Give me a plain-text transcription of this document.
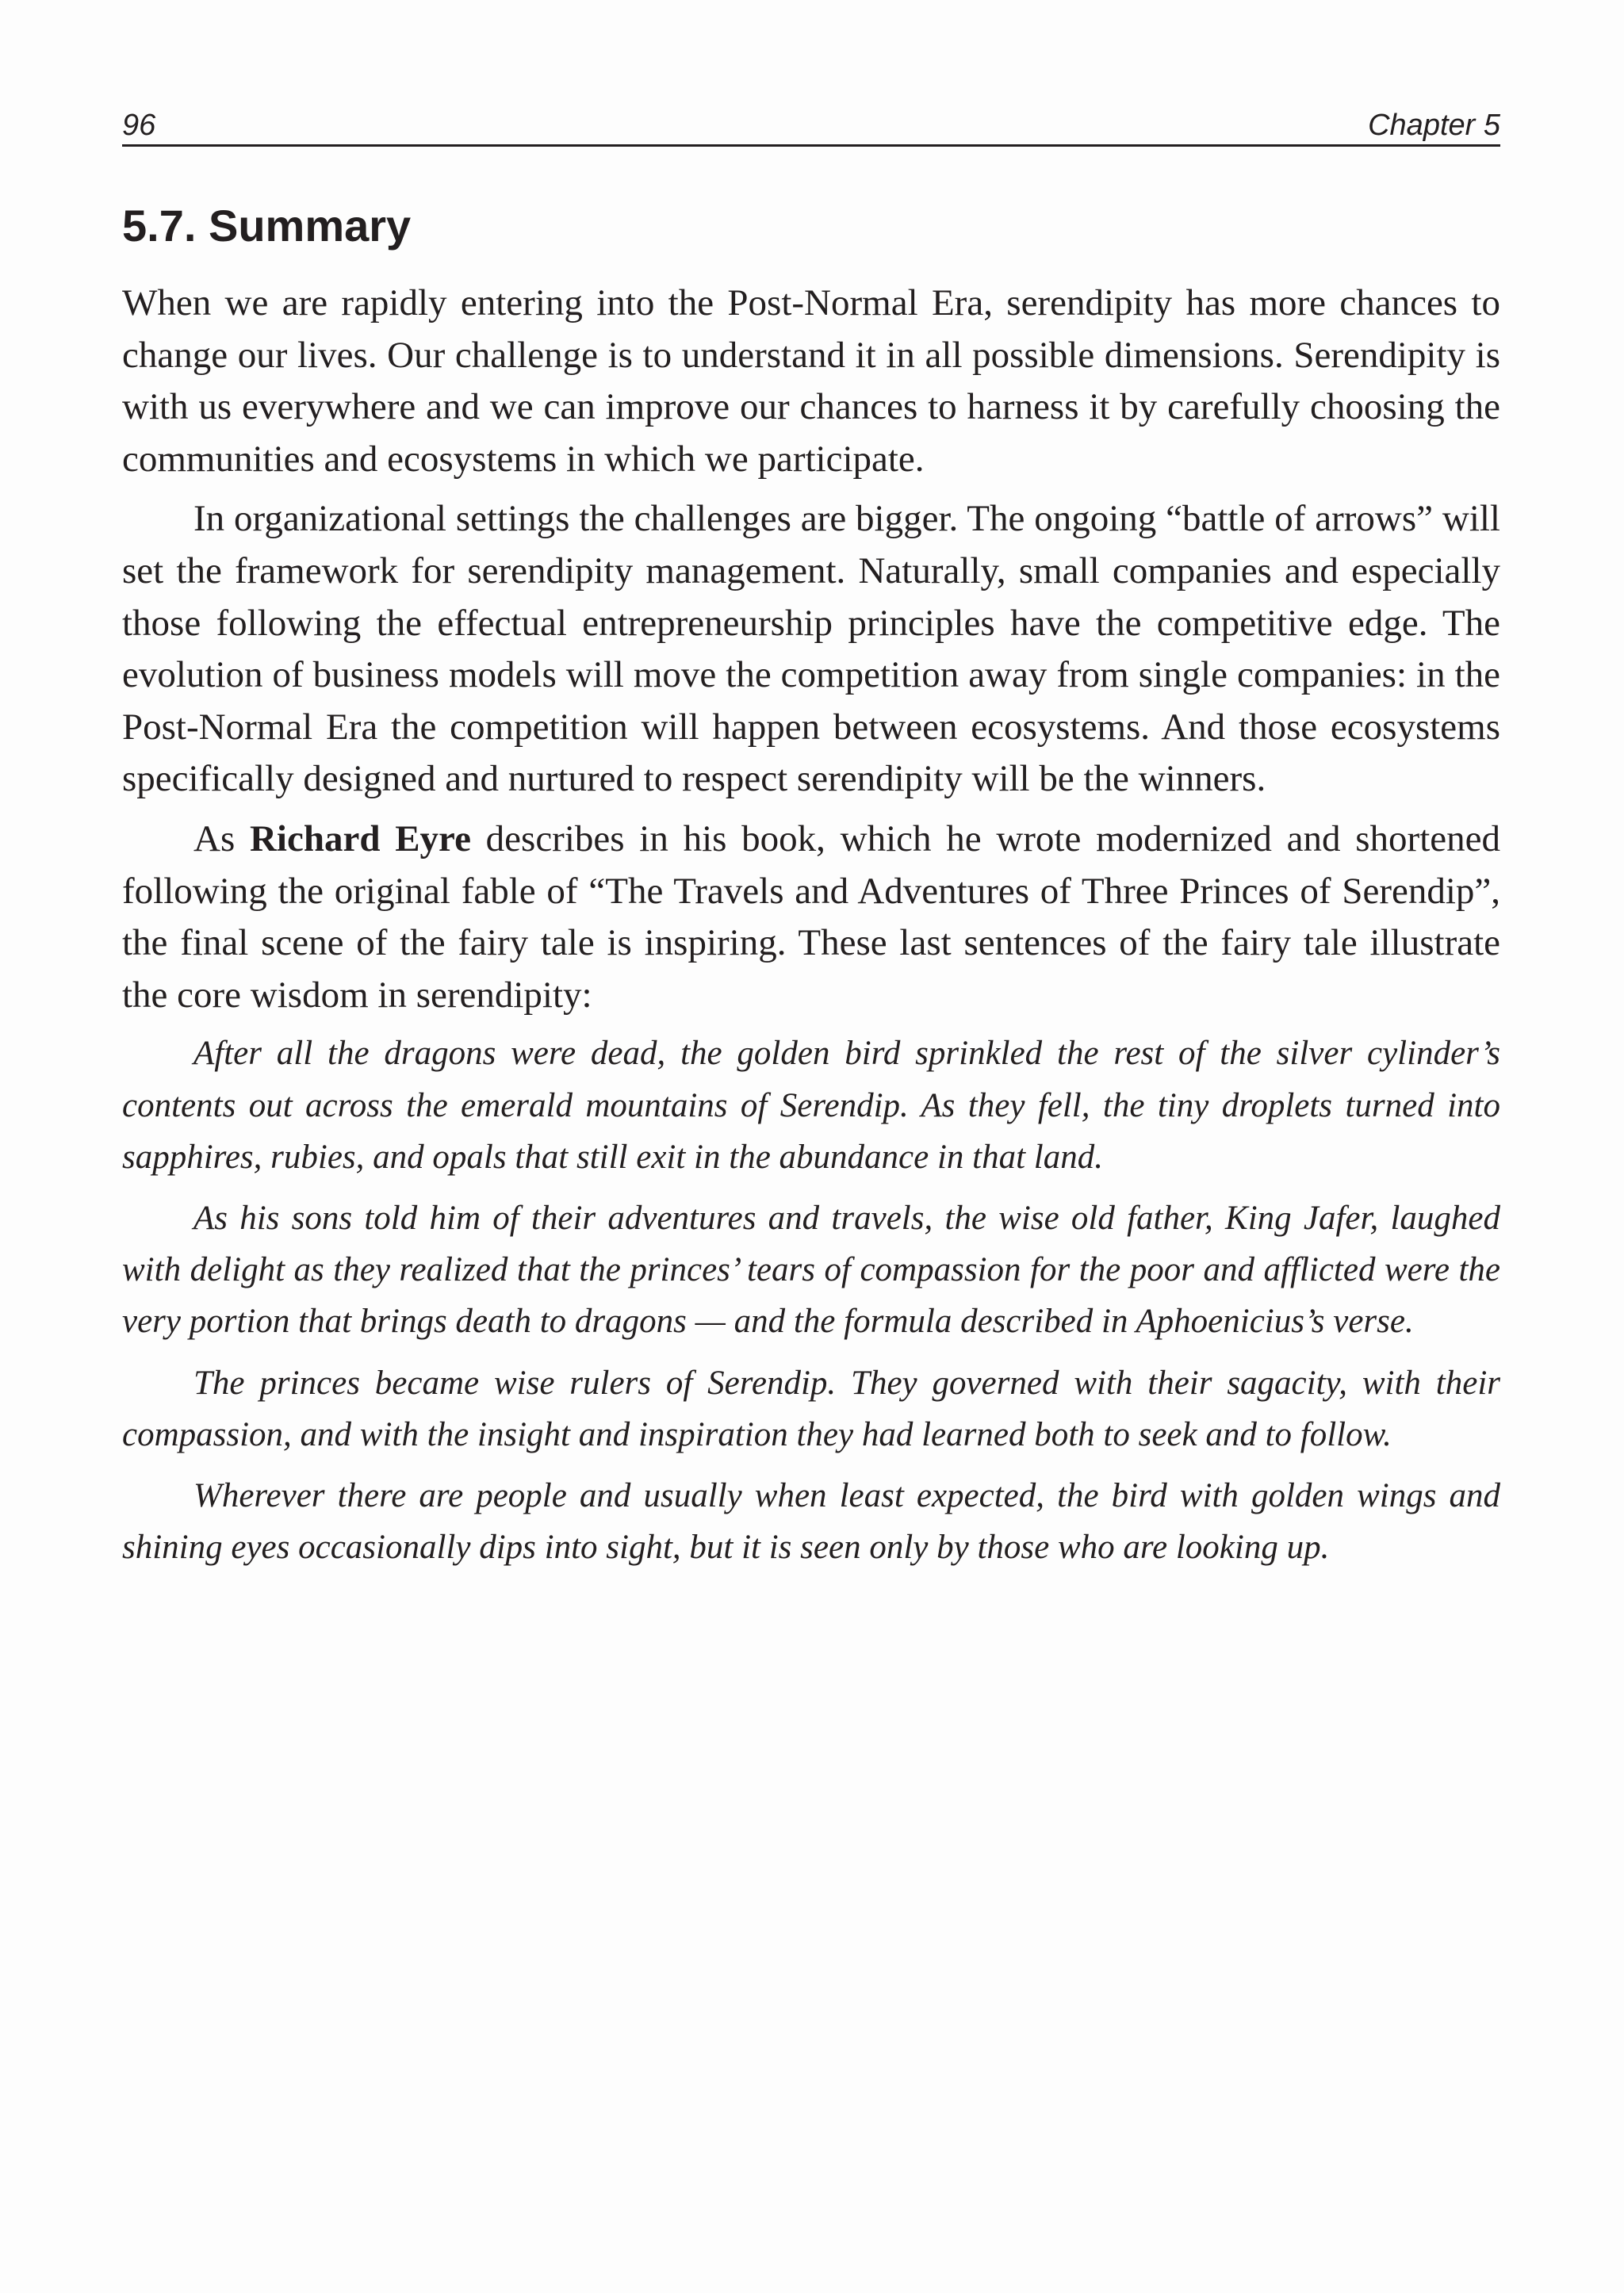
96	Chapter 5
5.7. Summary

When we are rapidly entering into the Post-Normal Era, serendipity has more chances to change our lives. Our challenge is to understand it in all possible dimensions. Serendipity is with us everywhere and we can improve our chances to harness it by carefully choosing the communities and ecosystems in which we participate.

In organizational settings the challenges are bigger. The ongoing “battle of arrows” will set the framework for serendipity management. Naturally, small companies and especially those following the effectual entrepreneurship principles have the competitive edge. The evolution of business models will move the competition away from single companies: in the Post-Normal Era the competition will happen between ecosystems. And those ecosystems specifically designed and nurtured to respect serendipity will be the winners.

As Richard Eyre describes in his book, which he wrote modernized and shortened following the original fable of “The Travels and Adventures of Three Princes of Serendip”, the final scene of the fairy tale is inspiring. These last sentences of the fairy tale illustrate the core wisdom in serendipity:

After all the dragons were dead, the golden bird sprinkled the rest of the silver cylinder’s contents out across the emerald mountains of Serendip. As they fell, the tiny droplets turned into sapphires, rubies, and opals that still exit in the abundance in that land.

As his sons told him of their adventures and travels, the wise old father, King Jafer, laughed with delight as they realized that the princes’ tears of compassion for the poor and afflicted were the very portion that brings death to dragons — and the formula described in Aphoenicius’s verse.

The princes became wise rulers of Serendip. They governed with their sagacity, with their compassion, and with the insight and inspiration they had learned both to seek and to follow.

Wherever there are people and usually when least expected, the bird with golden wings and shining eyes occasionally dips into sight, but it is seen only by those who are looking up.
